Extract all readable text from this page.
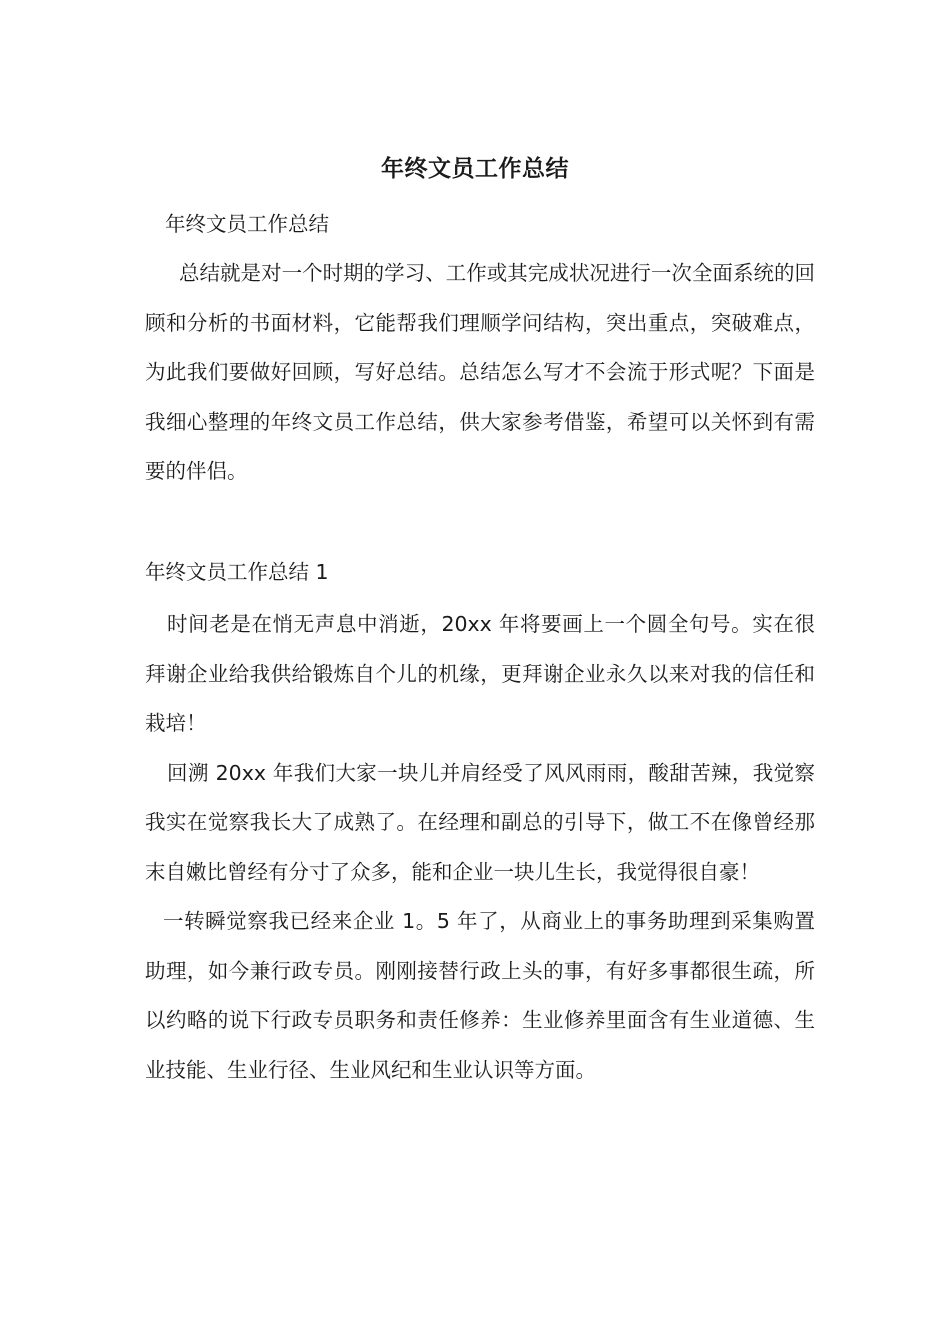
年终文员工作总结
年终文员工作总结

总结就是对一个时期的学习、工作或其完成状况进行一次全面系统的回顾和分析的书面材料，它能帮我们理顺学问结构，突出重点，突破难点，为此我们要做好回顾，写好总结。总结怎么写才不会流于形式呢？下面是我细心整理的年终文员工作总结，供大家参考借鉴，希望可以关怀到有需要的伴侣。

年终文员工作总结 1

时间老是在悄无声息中消逝，20xx 年将要画上一个圆全句号。实在很拜谢企业给我供给锻炼自个儿的机缘，更拜谢企业永久以来对我的信任和栽培！

回溯 20xx 年我们大家一块儿并肩经受了风风雨雨，酸甜苦辣，我觉察我实在觉察我长大了成熟了。在经理和副总的引导下，做工不在像曾经那末自嫩比曾经有分寸了众多，能和企业一块儿生长，我觉得很自豪！

一转瞬觉察我已经来企业 1。5 年了，从商业上的事务助理到采集购置助理，如今兼行政专员。刚刚接替行政上头的事，有好多事都很生疏，所以约略的说下行政专员职务和责任修养：生业修养里面含有生业道德、生业技能、生业行径、生业风纪和生业认识等方面。
